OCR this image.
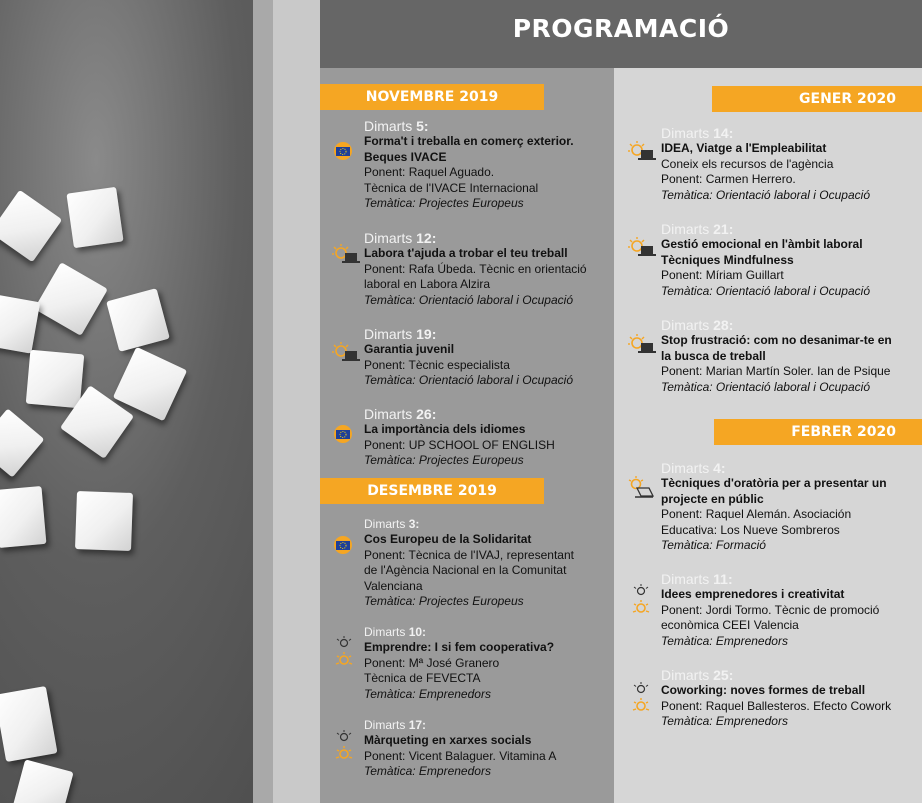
PROGRAMACIÓ
NOVEMBRE 2019
DESEMBRE 2019
GENER 2020
FEBRER 2020
Dimarts 5:
Forma't i treballa en comerç exterior.
Beques IVACE
Ponent: Raquel Aguado.
Tècnica de l'IVACE Internacional
Temàtica: Projectes Europeus
Dimarts 12:
Labora t'ajuda a trobar el teu treball
Ponent: Rafa Úbeda. Tècnic en orientació
laboral en Labora Alzira
Temàtica: Orientació laboral i Ocupació
Dimarts 19:
Garantia juvenil
Ponent: Tècnic especialista
Temàtica: Orientació laboral i Ocupació
Dimarts 26:
La importància dels idiomes
Ponent: UP SCHOOL OF ENGLISH
Temàtica: Projectes Europeus
Dimarts 3:
Cos Europeu de la Solidaritat
Ponent: Tècnica de l'IVAJ, representant
de l'Agència Nacional en la Comunitat
Valenciana
Temàtica: Projectes Europeus
Dimarts 10:
Emprendre: I si fem cooperativa?
Ponent: Mª José Granero
Tècnica de FEVECTA
Temàtica: Emprenedors
Dimarts 17:
Màrqueting en xarxes socials
Ponent: Vicent Balaguer. Vitamina A
Temàtica: Emprenedors
Dimarts 14:
IDEA, Viatge a l'Empleabilitat
Coneix els recursos de l'agència
Ponent: Carmen Herrero.
Temàtica: Orientació laboral i Ocupació
Dimarts 21:
Gestió emocional en l'àmbit laboral
Tècniques Mindfulness
Ponent: Míriam Guillart
Temàtica: Orientació laboral i Ocupació
Dimarts 28:
Stop frustració: com no desanimar-te en
la busca de treball
Ponent: Marian Martín Soler. Ian de Psique
Temàtica: Orientació laboral i Ocupació
Dimarts 4:
Tècniques d'oratòria per a presentar un
projecte en públic
Ponent: Raquel Alemán. Asociación
Educativa: Los Nueve Sombreros
Temàtica: Formació
Dimarts 11:
Idees emprenedores i creativitat
Ponent: Jordi Tormo. Tècnic de promoció
econòmica CEEI Valencia
Temàtica: Emprenedors
Dimarts 25:
Coworking: noves formes de treball
Ponent: Raquel Ballesteros. Efecto Cowork
Temàtica: Emprenedors
